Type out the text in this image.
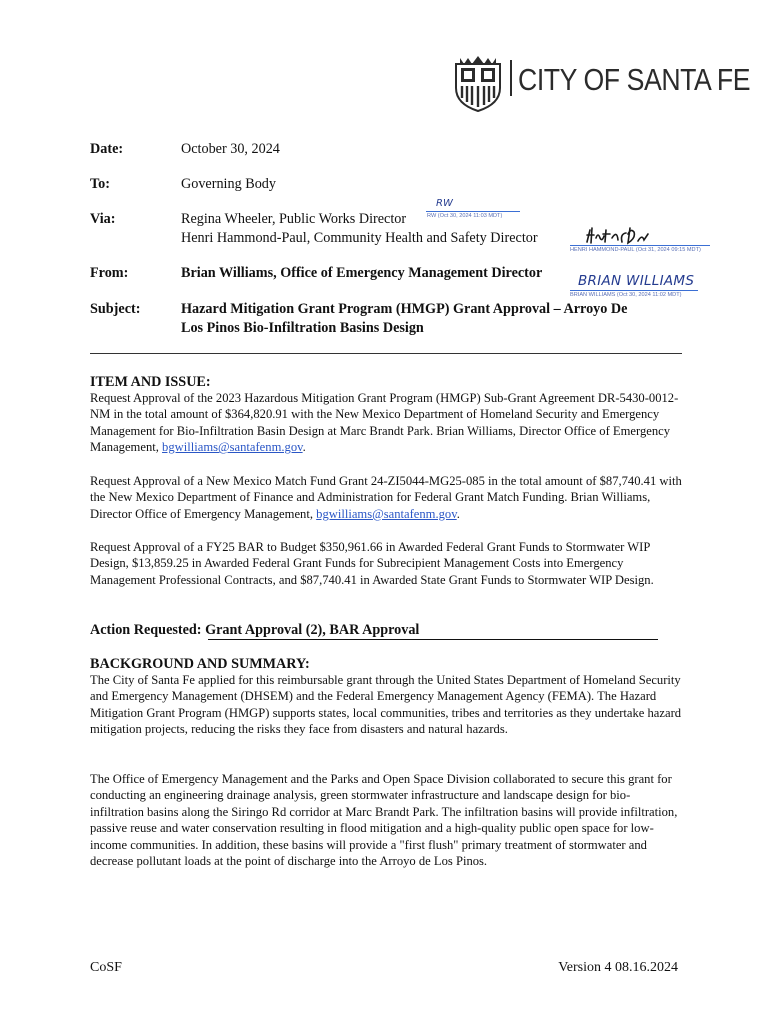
CITY OF SANTA FE
Date:	October 30, 2024
To:	Governing Body
Via:	Regina Wheeler, Public Works Director
Henri Hammond-Paul, Community Health and Safety Director
From:	Brian Williams, Office of Emergency Management Director
Subject:	Hazard Mitigation Grant Program (HMGP) Grant Approval – Arroyo De
Los Pinos Bio-Infiltration Basins Design
RW
RW (Oct 30, 2024 11:03 MDT)
HENRI HAMMOND-PAUL (Oct 31, 2024 09:15 MDT)
BRIAN WILLIAMS
BRIAN WILLIAMS (Oct 30, 2024 11:02 MDT)
ITEM AND ISSUE:
Request Approval of the 2023 Hazardous Mitigation Grant Program (HMGP) Sub-Grant Agreement DR-5430-0012-NM in the total amount of $364,820.91 with the New Mexico Department of Homeland Security and Emergency Management for Bio-Infiltration Basin Design at Marc Brandt Park. Brian Williams, Director Office of Emergency Management, bgwilliams@santafenm.gov.
Request Approval of a New Mexico Match Fund Grant 24-ZI5044-MG25-085 in the total amount of $87,740.41 with the New Mexico Department of Finance and Administration for Federal Grant Match Funding. Brian Williams, Director Office of Emergency Management, bgwilliams@santafenm.gov.
Request Approval of a FY25 BAR to Budget $350,961.66 in Awarded Federal Grant Funds to Stormwater WIP Design, $13,859.25 in Awarded Federal Grant Funds for Subrecipient Management Costs into Emergency Management Professional Contracts, and $87,740.41 in Awarded State Grant Funds to Stormwater WIP Design.
Action Requested: Grant Approval (2), BAR Approval
BACKGROUND AND SUMMARY:
The City of Santa Fe applied for this reimbursable grant through the United States Department of Homeland Security and Emergency Management (DHSEM) and the Federal Emergency Management Agency (FEMA). The Hazard Mitigation Grant Program (HMGP) supports states, local communities, tribes and territories as they undertake hazard mitigation projects, reducing the risks they face from disasters and natural hazards.
The Office of Emergency Management and the Parks and Open Space Division collaborated to secure this grant for conducting an engineering drainage analysis, green stormwater infrastructure and landscape design for bio-infiltration basins along the Siringo Rd corridor at Marc Brandt Park. The infiltration basins will provide infiltration, passive reuse and water conservation resulting in flood mitigation and a high-quality public open space for low-income communities. In addition, these basins will provide a "first flush" primary treatment of stormwater and decrease pollutant loads at the point of discharge into the Arroyo de Los Pinos.
CoSF	Version 4 08.16.2024
